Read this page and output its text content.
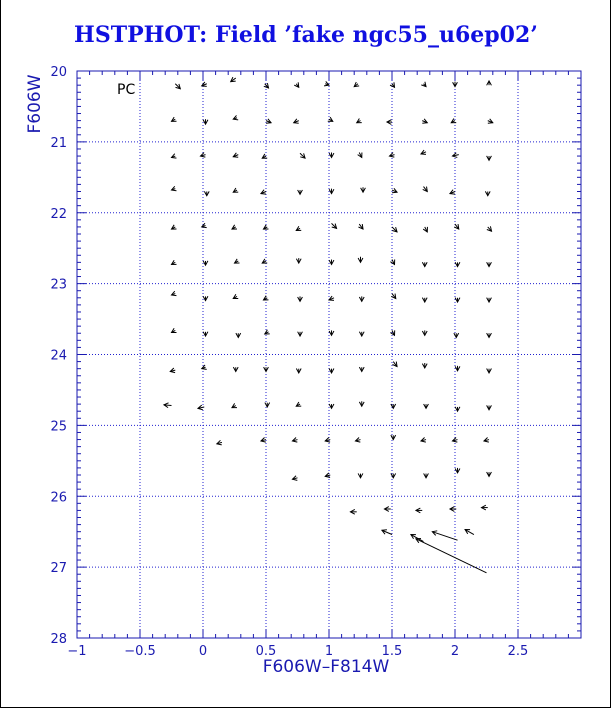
HSTPHOT: Field ’fake ngc55_u6ep02’
−1	−0.5	0	0.5	1	1.5	2	2.5
20
21
22
23
24
25
26
27
28
PC
F606W–F814W
F606W
